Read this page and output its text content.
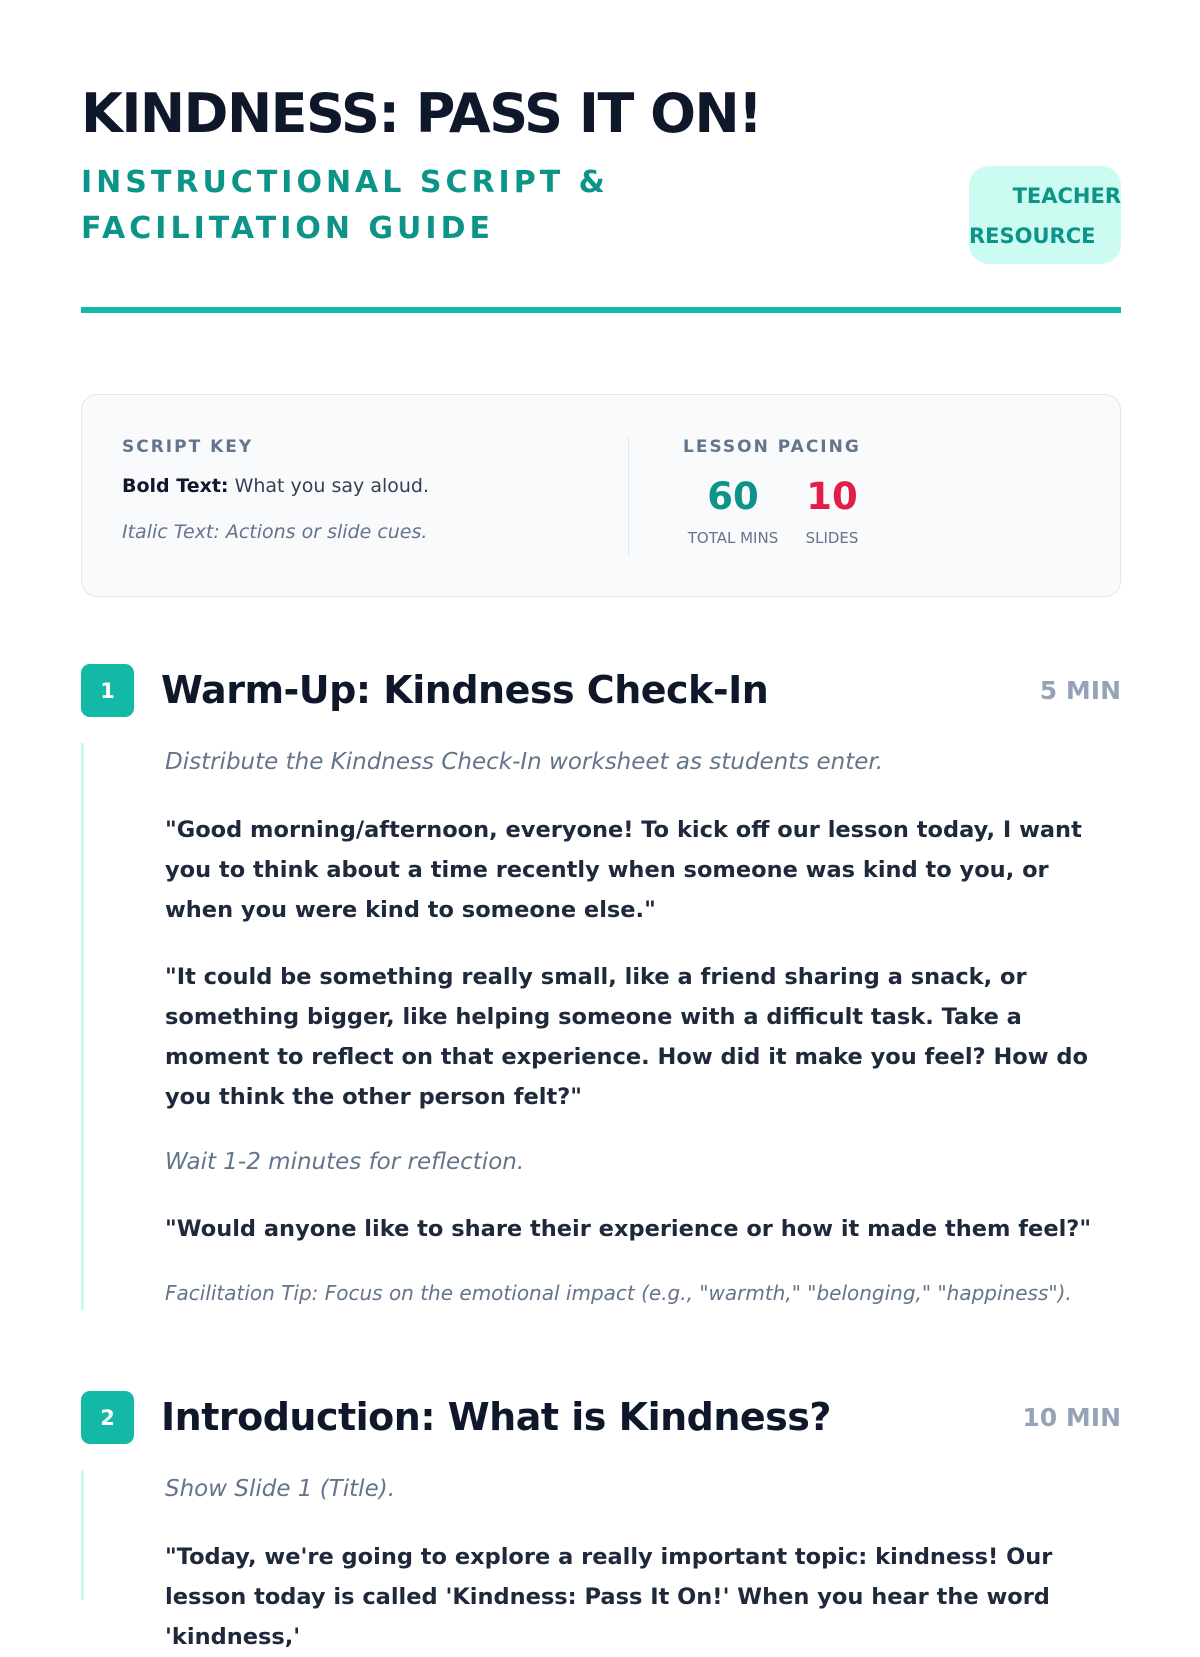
KINDNESS: PASS IT ON!
INSTRUCTIONAL SCRIPT & FACILITATION GUIDE
TEACHER
RESOURCE
SCRIPT KEY
Bold Text: What you say aloud.
Italic Text: Actions or slide cues.
LESSON PACING
60
TOTAL MINS
10
SLIDES
1	Warm-Up: Kindness Check-In	5 MIN
Distribute the Kindness Check-In worksheet as students enter.
"Good morning/afternoon, everyone! To kick off our lesson today, I want you to think about a time recently when someone was kind to you, or when you were kind to someone else."
"It could be something really small, like a friend sharing a snack, or something bigger, like helping someone with a difficult task. Take a moment to reflect on that experience. How did it make you feel? How do you think the other person felt?"
Wait 1-2 minutes for reflection.
"Would anyone like to share their experience or how it made them feel?"
Facilitation Tip: Focus on the emotional impact (e.g., "warmth," "belonging," "happiness").
2	Introduction: What is Kindness?	10 MIN
Show Slide 1 (Title).
"Today, we're going to explore a really important topic: kindness! Our lesson today is called 'Kindness: Pass It On!' When you hear the word 'kindness,'
